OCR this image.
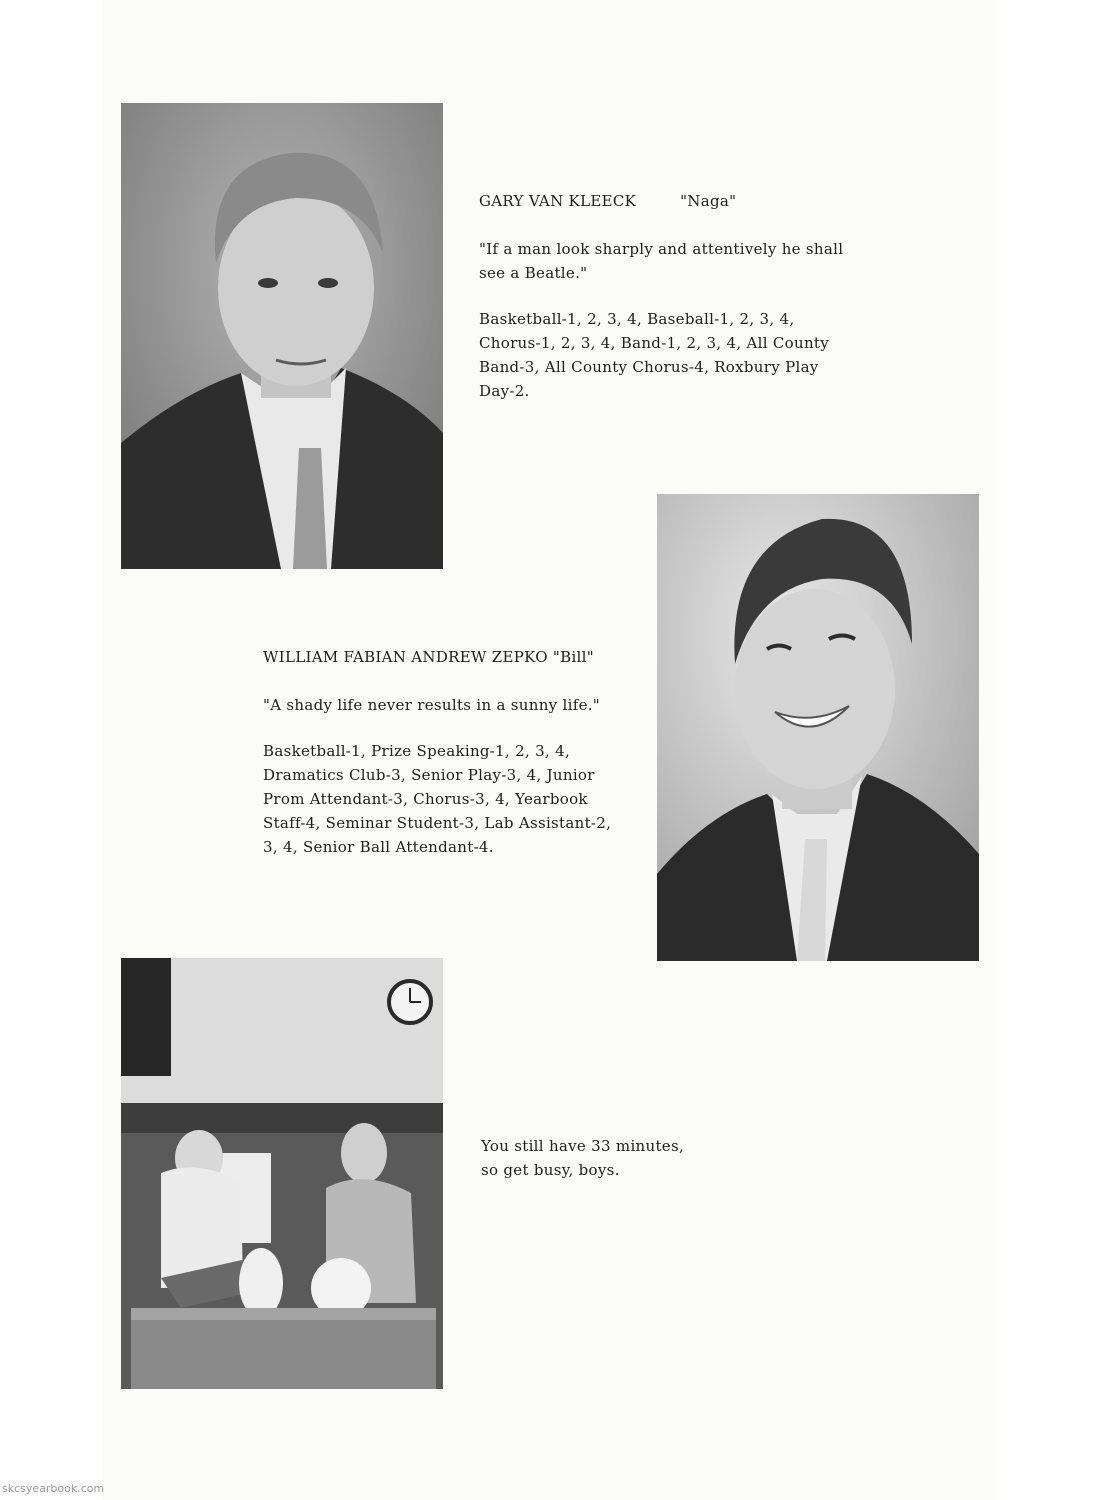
GARY VAN KLEECK	"Naga"

"If a man look sharply and attentively he shall see a Beatle."

Basketball-1, 2, 3, 4, Baseball-1, 2, 3, 4, Chorus-1, 2, 3, 4, Band-1, 2, 3, 4, All County Band-3, All County Chorus-4, Roxbury Play Day-2.

WILLIAM FABIAN ANDREW ZEPKO "Bill"

"A shady life never results in a sunny life."

Basketball-1, Prize Speaking-1, 2, 3, 4, Dramatics Club-3, Senior Play-3, 4, Junior Prom Attendant-3, Chorus-3, 4, Yearbook Staff-4, Seminar Student-3, Lab Assistant-2, 3, 4, Senior Ball Attendant-4.

You still have 33 minutes, so get busy, boys.

skcsyearbook.com
